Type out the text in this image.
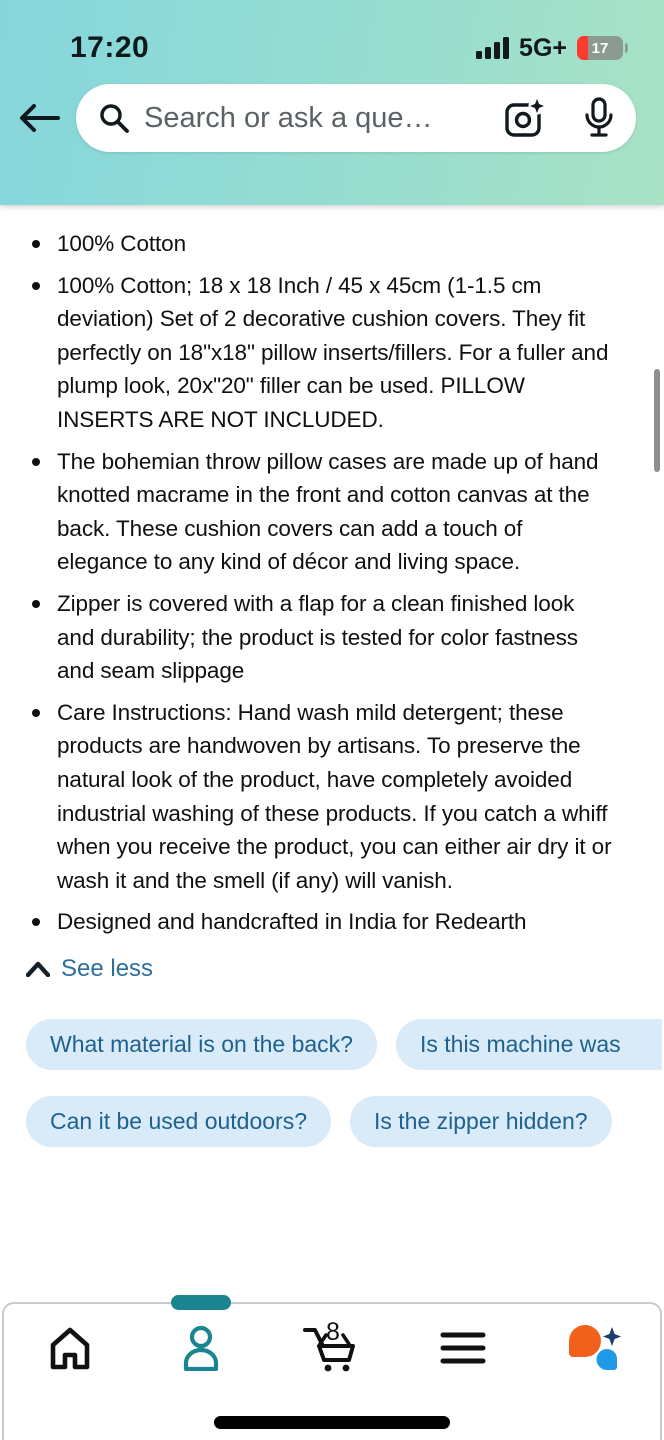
17:20	5G+ 17
Search or ask a que…
100% Cotton
100% Cotton; 18 x 18 Inch / 45 x 45cm (1-1.5 cm deviation) Set of 2 decorative cushion covers. They fit perfectly on 18"x18" pillow inserts/fillers. For a fuller and plump look, 20x"20" filler can be used. PILLOW INSERTS ARE NOT INCLUDED.
The bohemian throw pillow cases are made up of hand knotted macrame in the front and cotton canvas at the back. These cushion covers can add a touch of elegance to any kind of décor and living space.
Zipper is covered with a flap for a clean finished look and durability; the product is tested for color fastness and seam slippage
Care Instructions: Hand wash mild detergent; these products are handwoven by artisans. To preserve the natural look of the product, have completely avoided industrial washing of these products. If you catch a whiff when you receive the product, you can either air dry it or wash it and the smell (if any) will vanish.
Designed and handcrafted in India for Redearth
See less
What material is on the back?	Is this machine was
Can it be used outdoors?	Is the zipper hidden?
8
